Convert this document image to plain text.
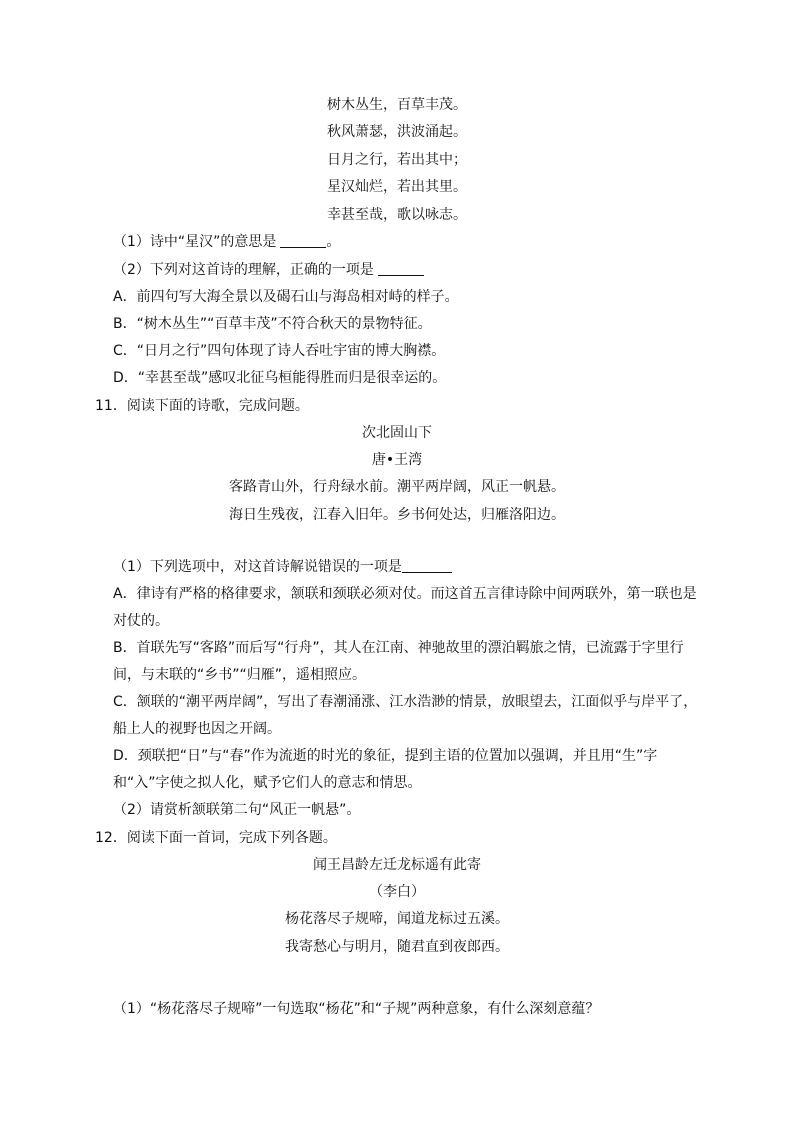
树木丛生，百草丰茂。
秋风萧瑟，洪波涌起。
日月之行，若出其中；
星汉灿烂，若出其里。
幸甚至哉，歌以咏志。
（1）诗中“星汉”的意思是	。
（2）下列对这首诗的理解，正确的一项是
A．前四句写大海全景以及碣石山与海岛相对峙的样子。
B．“树木丛生”“百草丰茂”不符合秋天的景物特征。
C．“日月之行”四句体现了诗人吞吐宇宙的博大胸襟。
D．“幸甚至哉”感叹北征乌桓能得胜而归是很幸运的。
11．阅读下面的诗歌，完成问题。
次北固山下
唐•王湾
客路青山外，行舟绿水前。潮平两岸阔，风正一帆悬。
海日生残夜，江春入旧年。乡书何处达，归雁洛阳边。
（1）下列选项中，对这首诗解说错误的一项是
A．律诗有严格的格律要求，颔联和颈联必须对仗。而这首五言律诗除中间两联外，第一联也是
对仗的。
B．首联先写“客路”而后写“行舟”，其人在江南、神驰故里的漂泊羁旅之情，已流露于字里行
间，与末联的“乡书”“归雁”，遥相照应。
C．颔联的“潮平两岸阔”，写出了春潮涌涨、江水浩渺的情景，放眼望去，江面似乎与岸平了，
船上人的视野也因之开阔。
D．颈联把“日”与“春”作为流逝的时光的象征，提到主语的位置加以强调，并且用“生”字
和“入”字使之拟人化，赋予它们人的意志和情思。
（2）请赏析颔联第二句“风正一帆悬”。
12．阅读下面一首词，完成下列各题。
闻王昌龄左迁龙标遥有此寄
（李白）
杨花落尽子规啼，闻道龙标过五溪。
我寄愁心与明月，随君直到夜郎西。
（1）“杨花落尽子规啼”一句选取“杨花”和“子规”两种意象，有什么深刻意蕴？
